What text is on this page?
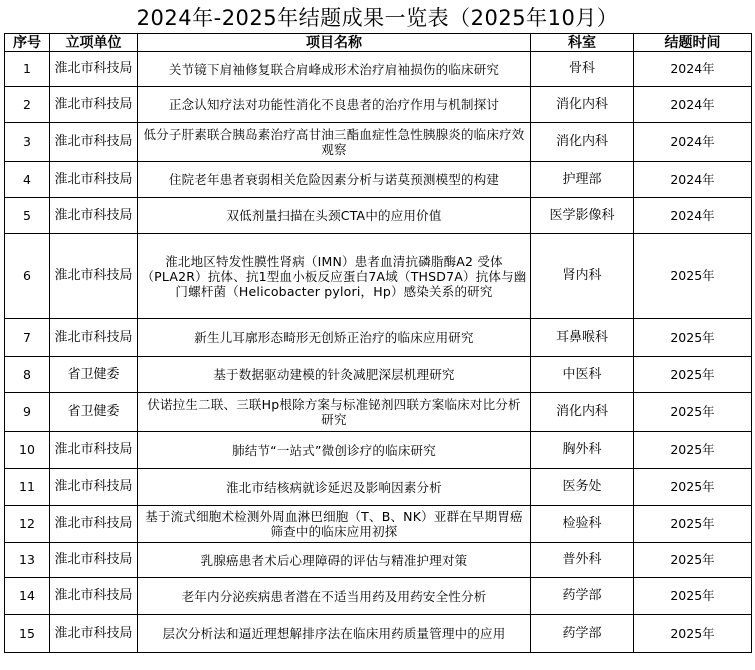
2024年-2025年结题成果一览表（2025年10月）
序号	立项单位	项目名称	科室	结题时间
1	淮北市科技局	关节镜下肩袖修复联合肩峰成形术治疗肩袖损伤的临床研究	骨科	2024年
2	淮北市科技局	正念认知疗法对功能性消化不良患者的治疗作用与机制探讨	消化内科	2024年
3	淮北市科技局	低分子肝素联合胰岛素治疗高甘油三酯血症性急性胰腺炎的临床疗效观察	消化内科	2024年
4	淮北市科技局	住院老年患者衰弱相关危险因素分析与诺莫预测模型的构建	护理部	2024年
5	淮北市科技局	双低剂量扫描在头颈CTA中的应用价值	医学影像科	2024年
6	淮北市科技局	淮北地区特发性膜性肾病（IMN）患者血清抗磷脂酶A2 受体（PLA2R）抗体、抗1型血小板反应蛋白7A域（THSD7A）抗体与幽门螺杆菌（Helicobacter pylori，Hp）感染关系的研究	肾内科	2025年
7	淮北市科技局	新生儿耳廓形态畸形无创矫正治疗的临床应用研究	耳鼻喉科	2025年
8	省卫健委	基于数据驱动建模的针灸减肥深层机理研究	中医科	2025年
9	省卫健委	伏诺拉生二联、三联Hp根除方案与标准铋剂四联方案临床对比分析研究	消化内科	2025年
10	淮北市科技局	肺结节“一站式”微创诊疗的临床研究	胸外科	2025年
11	淮北市科技局	淮北市结核病就诊延迟及影响因素分析	医务处	2025年
12	淮北市科技局	基于流式细胞术检测外周血淋巴细胞（T、B、NK）亚群在早期胃癌筛查中的临床应用初探	检验科	2025年
13	淮北市科技局	乳腺癌患者术后心理障碍的评估与精准护理对策	普外科	2025年
14	淮北市科技局	老年内分泌疾病患者潜在不适当用药及用药安全性分析	药学部	2025年
15	淮北市科技局	层次分析法和逼近理想解排序法在临床用药质量管理中的应用	药学部	2025年
